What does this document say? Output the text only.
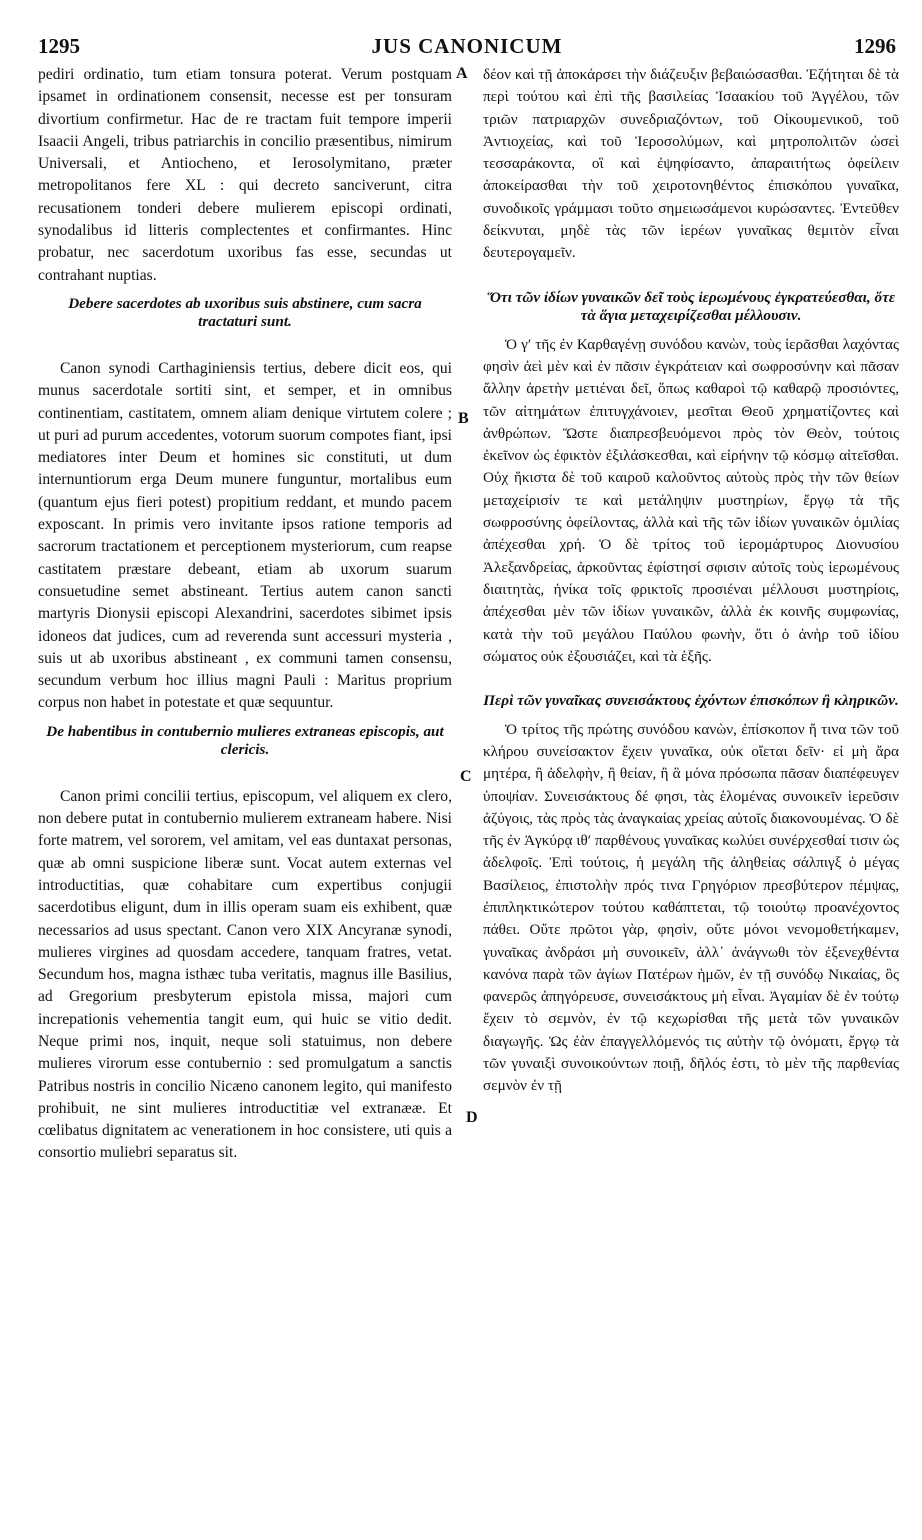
1295	JUS CANONICUM	1296

pediri ordinatio, tum etiam tonsura poterat. Verum postquam ipsamet in ordinationem consensit, necesse est per tonsuram divortium confirmetur. Hac de re tractam fuit tempore imperii Isaacii Angeli, tribus patriarchis in concilio præsentibus, nimirum Universali, et Antiocheno, et Ierosolymitano, præter metropolitanos fere XL : qui decreto sanciverunt, citra recusationem tonderi debere mulierem episcopi ordinati, synodalibus id litteris complectentes et confirmantes. Hinc probatur, nec sacerdotum uxoribus fas esse, secundas ut contrahant nuptias.

Debere sacerdotes ab uxoribus suis abstinere, cum sacra tractaturi sunt.

Canon synodi Carthaginiensis tertius, debere dicit eos, qui munus sacerdotale sortiti sint, et semper, et in omnibus continentiam, castitatem, omnem aliam denique virtutem colere ; ut puri ad purum accedentes, votorum suorum compotes fiant, ipsi mediatores inter Deum et homines sic constituti, ut dum internuntiorum erga Deum munere funguntur, mortalibus eum (quantum ejus fieri potest) propitium reddant, et mundo pacem exposcant. In primis vero invitante ipsos ratione temporis ad sacrorum tractationem et perceptionem mysteriorum, cum reapse castitatem præstare debeant, etiam ab uxorum suarum consuetudine semet abstineant. Tertius autem canon sancti martyris Dionysii episcopi Alexandrini, sacerdotes sibimet ipsis idoneos dat judices, cum ad reverenda sunt accessuri mysteria , suis ut ab uxoribus abstineant , ex communi tamen consensu, secundum verbum hoc illius magni Pauli : Maritus proprium corpus non habet in potestate et quæ sequuntur.

De habentibus in contubernio mulieres extraneas episcopis, aut clericis.

Canon primi concilii tertius, episcopum, vel aliquem ex clero, non debere putat in contubernio mulierem extraneam habere. Nisi forte matrem, vel sororem, vel amitam, vel eas duntaxat personas, quæ ab omni suspicione liberæ sunt. Vocat autem externas vel introductitias, quæ cohabitare cum expertibus conjugii sacerdotibus eligunt, dum in illis operam suam eis exhibent, quæ necessarios ad usus spectant. Canon vero XIX Ancyranæ synodi, mulieres virgines ad quosdam accedere, tanquam fratres, vetat. Secundum hos, magna isthæc tuba veritatis, magnus ille Basilius, ad Gregorium presbyterum epistola missa, majori cum increpationis vehementia tangit eum, qui huic se vitio dedit. Neque primi nos, inquit, neque soli statuimus, non debere mulieres virorum esse contubernio : sed promulgatum a sanctis Patribus nostris in concilio Nicæno canonem legito, qui manifesto prohibuit, ne sint mulieres introductitiæ vel extranææ. Et cœlibatus dignitatem ac venerationem in hoc consistere, uti quis a consortio muliebri separatus sit.

A
B
C
D

δέον καὶ τῇ ἀποκάρσει τὴν διάζευξιν βεβαιώσασθαι. Ἐζήτηται δὲ τὰ περὶ τούτου καὶ ἐπὶ τῆς βασιλείας Ἰσαακίου τοῦ Ἀγγέλου, τῶν τριῶν πατριαρχῶν συνεδριαζόντων, τοῦ Οἰκουμενικοῦ, τοῦ Ἀντιοχείας, καὶ τοῦ Ἱεροσολύμων, καὶ μητροπολιτῶν ὡσεὶ τεσσαράκοντα, οἳ καὶ ἐψηφίσαντο, ἀπαραιτήτως ὀφείλειν ἀποκείρασθαι τὴν τοῦ χειροτονηθέντος ἐπισκόπου γυναῖκα, συνοδικοῖς γράμμασι τοῦτο σημειωσάμενοι κυρώσαντες. Ἐντεῦθεν δείκνυται, μηδὲ τὰς τῶν ἱερέων γυναῖκας θεμιτὸν εἶναι δευτερογαμεῖν.

Ὅτι τῶν ἰδίων γυναικῶν δεῖ τοὺς ἱερωμένους ἐγκρατεύεσθαι, ὅτε τὰ ἅγια μεταχειρίζεσθαι μέλλουσιν.

Ὁ γʹ τῆς ἐν Καρθαγένῃ συνόδου κανὼν, τοὺς ἱερᾶσθαι λαχόντας φησὶν ἀεὶ μὲν καὶ ἐν πᾶσιν ἐγκράτειαν καὶ σωφροσύνην καὶ πᾶσαν ἄλλην ἀρετὴν μετιέναι δεῖ, ὅπως καθαροὶ τῷ καθαρῷ προσιόντες, τῶν αἰτημάτων ἐπιτυγχάνοιεν, μεσῖται Θεοῦ χρηματίζοντες καὶ ἀνθρώπων. Ὥστε διαπρεσβευόμενοι πρὸς τὸν Θεὸν, τούτοις ἐκεῖνον ὡς ἐφικτὸν ἐξιλάσκεσθαι, καὶ εἰρήνην τῷ κόσμῳ αἰτεῖσθαι. Οὐχ ἥκιστα δὲ τοῦ καιροῦ καλοῦντος αὐτοὺς πρὸς τὴν τῶν θείων μεταχείρισίν τε καὶ μετάληψιν μυστηρίων, ἔργῳ τὰ τῆς σωφροσύνης ὀφείλοντας, ἀλλὰ καὶ τῆς τῶν ἰδίων γυναικῶν ὁμιλίας ἀπέχεσθαι χρή. Ὁ δὲ τρίτος τοῦ ἱερομάρτυρος Διονυσίου Ἀλεξανδρείας, ἀρκοῦντας ἐφίστησί σφισιν αὐτοῖς τοὺς ἱερωμένους διαιτητὰς, ἡνίκα τοῖς φρικτοῖς προσιέναι μέλλουσι μυστηρίοις, ἀπέχεσθαι μὲν τῶν ἰδίων γυναικῶν, ἀλλὰ ἐκ κοινῆς συμφωνίας, κατὰ τὴν τοῦ μεγάλου Παύλου φωνὴν, ὅτι ὁ ἀνὴρ τοῦ ἰδίου σώματος οὐκ ἐξουσιάζει, καὶ τὰ ἑξῆς.

Περὶ τῶν γυναῖκας συνεισάκτους ἐχόντων ἐπισκόπων ἢ κληρικῶν.

Ὁ τρίτος τῆς πρώτης συνόδου κανὼν, ἐπίσκοπον ἤ τινα τῶν τοῦ κλήρου συνείσακτον ἔχειν γυναῖκα, οὐκ οἴεται δεῖν· εἰ μὴ ἄρα μητέρα, ἢ ἀδελφὴν, ἢ θείαν, ἢ ἃ μόνα πρόσωπα πᾶσαν διαπέφευγεν ὑποψίαν. Συνεισάκτους δέ φησι, τὰς ἑλομένας συνοικεῖν ἱερεῦσιν ἀζύγοις, τὰς πρὸς τὰς ἀναγκαίας χρείας αὐτοῖς διακονουμένας. Ὁ δὲ τῆς ἐν Ἀγκύρᾳ ιθʹ παρθένους γυναῖκας κωλύει συνέρχεσθαί τισιν ὡς ἀδελφοῖς. Ἐπὶ τούτοις, ἡ μεγάλη τῆς ἀληθείας σάλπιγξ ὁ μέγας Βασίλειος, ἐπιστολὴν πρός τινα Γρηγόριον πρεσβύτερον πέμψας, ἐπιπληκτικώτερον τούτου καθάπτεται, τῷ τοιούτῳ προανέχοντος πάθει. Οὔτε πρῶτοι γὰρ, φησὶν, οὔτε μόνοι νενομοθετήκαμεν, γυναῖκας ἀνδράσι μὴ συνοικεῖν, ἀλλ᾽ ἀνάγνωθι τὸν ἐξενεχθέντα κανόνα παρὰ τῶν ἁγίων Πατέρων ἡμῶν, ἐν τῇ συνόδῳ Νικαίας, ὃς φανερῶς ἀπηγόρευσε, συνεισάκτους μὴ εἶναι. Ἀγαμίαν δὲ ἐν τούτῳ ἔχειν τὸ σεμνὸν, ἐν τῷ κεχωρίσθαι τῆς μετὰ τῶν γυναικῶν διαγωγῆς. Ὡς ἐὰν ἐπαγγελλόμενός τις αὐτὴν τῷ ὀνόματι, ἔργῳ τὰ τῶν γυναιξὶ συνοικούντων ποιῇ, δῆλός ἐστι, τὸ μὲν τῆς παρθενίας σεμνὸν ἐν τῇ
